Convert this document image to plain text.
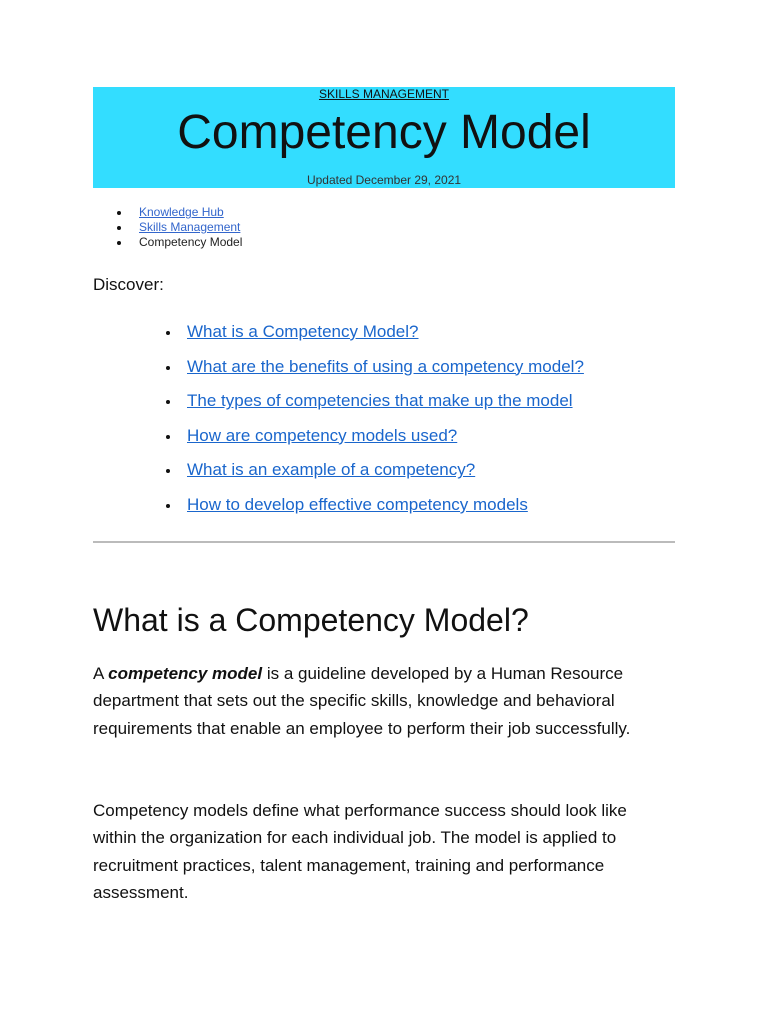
SKILLS MANAGEMENT
Competency Model
Updated December 29, 2021
Knowledge Hub
Skills Management
Competency Model
Discover:
What is a Competency Model?
What are the benefits of using a competency model?
The types of competencies that make up the model
How are competency models used?
What is an example of a competency?
How to develop effective competency models
What is a Competency Model?

A competency model is a guideline developed by a Human Resource department that sets out the specific skills, knowledge and behavioral requirements that enable an employee to perform their job successfully.

Competency models define what performance success should look like within the organization for each individual job. The model is applied to recruitment practices, talent management, training and performance assessment.
